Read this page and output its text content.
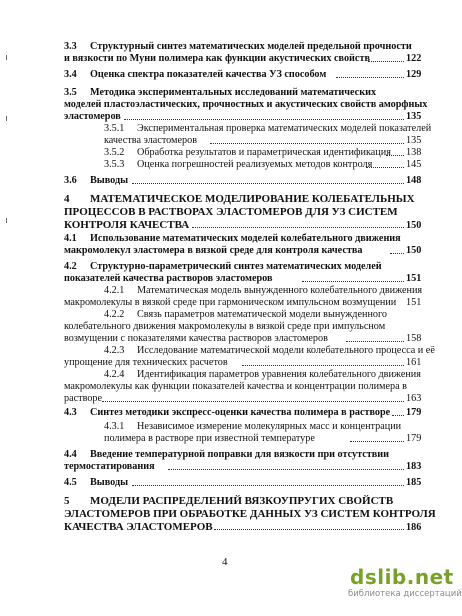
3.3 Структурный синтез математических моделей предельной прочности
и вязкости по Муни полимера как функции акустических свойств	122
3.4 Оценка спектра показателей качества УЗ способом	129
3.5 Методика экспериментальных исследований математических
моделей пластоэластических, прочностных и акустических свойств аморфных
эластомеров	135
3.5.1 Экспериментальная проверка математических моделей показателей
качества эластомеров	135
3.5.2 Обработка результатов и параметрическая идентификация 138
3.5.3 Оценка погрешностей реализуемых методов контроля	145
3.6 Выводы	148
4 МАТЕМАТИЧЕСКОЕ МОДЕЛИРОВАНИЕ КОЛЕБАТЕЛЬНЫХ
ПРОЦЕССОВ В РАСТВОРАХ ЭЛАСТОМЕРОВ ДЛЯ УЗ СИСТЕМ
КОНТРОЛЯ КАЧЕСТВА	150
4.1 Использование математических моделей колебательного движения
макромолекул эластомера в вязкой среде для контроля качества	150
4.2 Структурно-параметрический синтез математических моделей
показателей качества растворов эластомеров	151
4.2.1 Математическая модель вынужденного колебательного движения
макромолекулы в вязкой среде при гармоническом импульсном возмущении 151
4.2.2 Связь параметров математической модели вынужденного
колебательного движения макромолекулы в вязкой среде при импульсном
возмущении с показателями качества растворов эластомеров	158
4.2.3 Исследование математической модели колебательного процесса и её
упрощение для технических расчетов	161
4.2.4 Идентификация параметров уравнения колебательного движения
макромолекулы как функции показателей качества и концентрации полимера в
растворе	163
4.3 Синтез методики экспресс-оценки качества полимера в растворе 179
4.3.1 Независимое измерение молекулярных масс и концентрации
полимера в растворе при известной температуре	179
4.4 Введение температурной поправки для вязкости при отсутствии
термостатирования	183
4.5 Выводы	185
5 МОДЕЛИ РАСПРЕДЕЛЕНИЙ ВЯЗКОУПРУГИХ СВОЙСТВ
ЭЛАСТОМЕРОВ ПРИ ОБРАБОТКЕ ДАННЫХ УЗ СИСТЕМ КОНТРОЛЯ
КАЧЕСТВА ЭЛАСТОМЕРОВ	186
4
dslib.net
библиотека диссертаций
